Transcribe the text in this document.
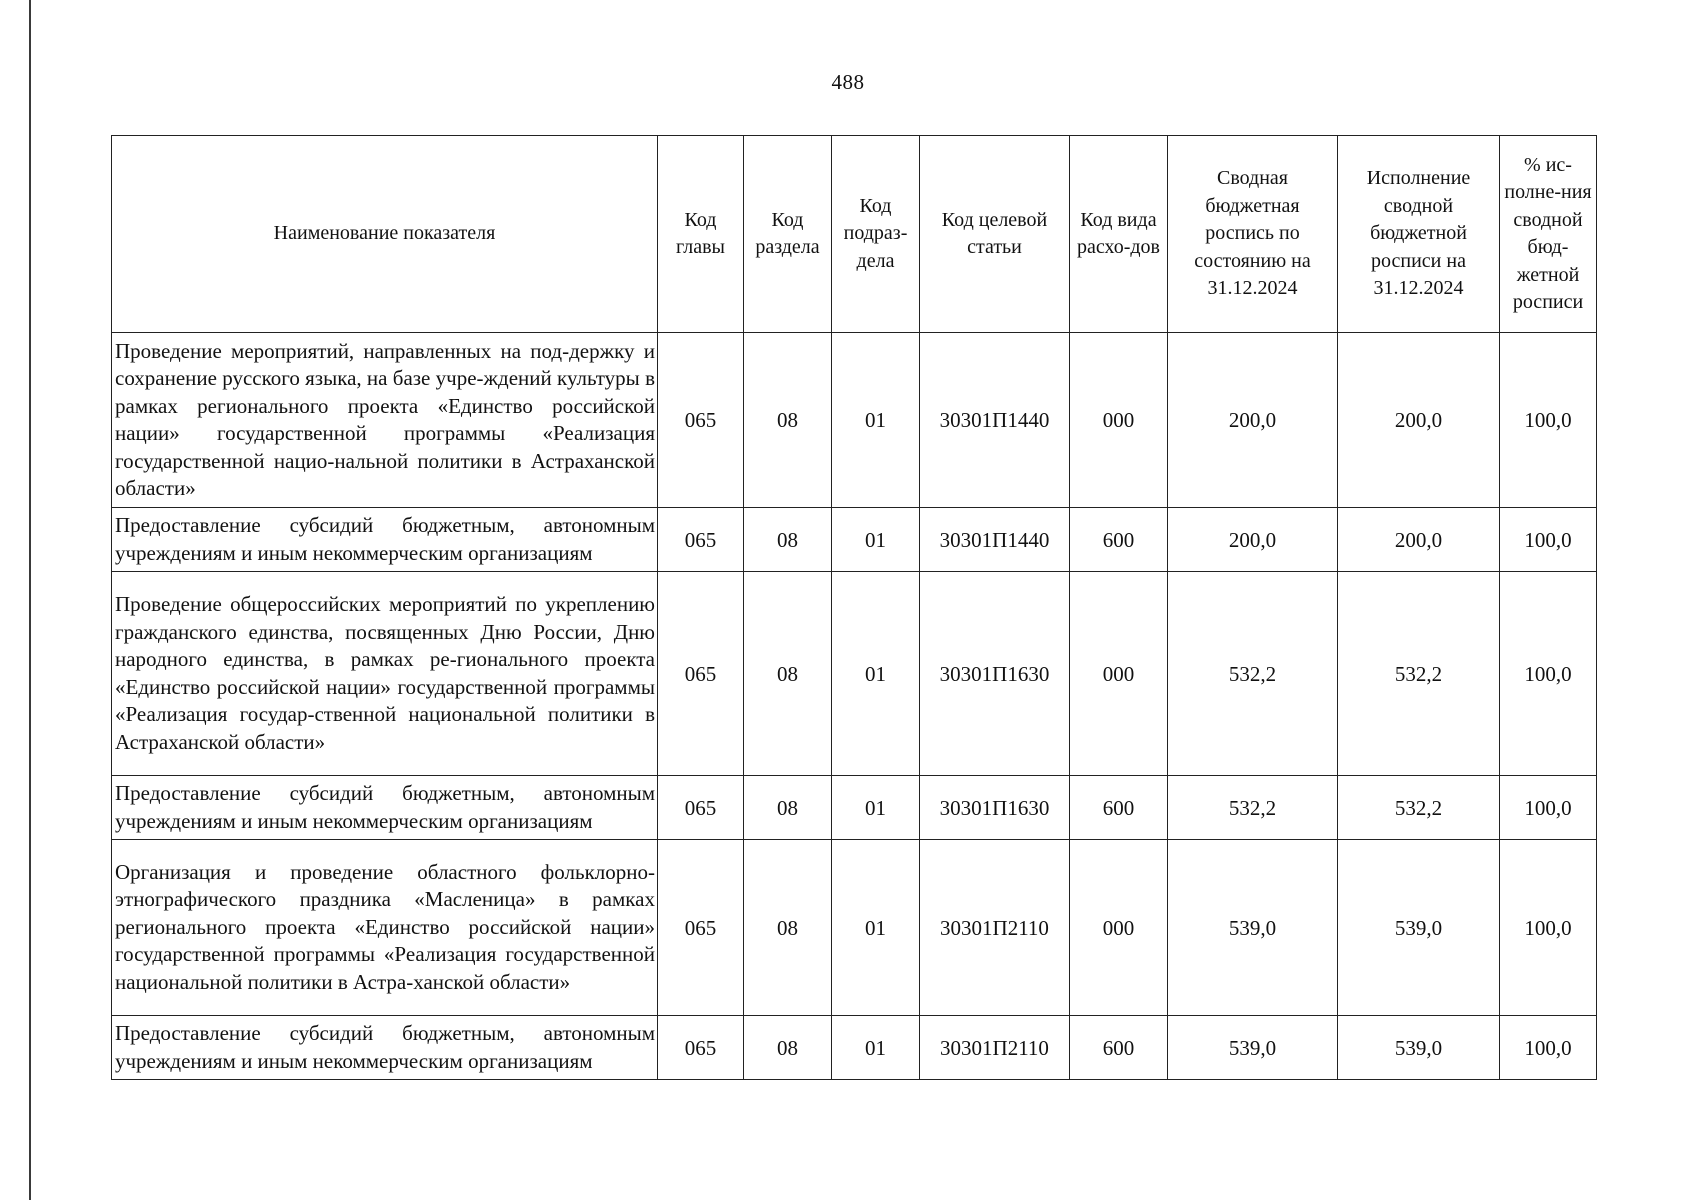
488
Наименование показателя	Код главы	Код раздела	Код подраз-дела	Код целевой статьи	Код вида расхо-дов	Сводная бюджетная роспись по состоянию на 31.12.2024	Исполнение сводной бюджетной росписи на 31.12.2024	% ис-полне-ния сводной бюд-жетной росписи
Проведение мероприятий, направленных на под-держку и сохранение русского языка, на базе учре-ждений культуры в рамках регионального проекта «Единство российской нации» государственной программы «Реализация государственной нацио-нальной политики в Астраханской области»	065	08	01	30301П1440	000	200,0	200,0	100,0
Предоставление субсидий бюджетным, автономным учреждениям и иным некоммерческим организациям	065	08	01	30301П1440	600	200,0	200,0	100,0
Проведение общероссийских мероприятий по укреплению гражданского единства, посвященных Дню России, Дню народного единства, в рамках ре-гионального проекта «Единство российской нации» государственной программы «Реализация государ-ственной национальной политики в Астраханской области»	065	08	01	30301П1630	000	532,2	532,2	100,0
Предоставление субсидий бюджетным, автономным учреждениям и иным некоммерческим организациям	065	08	01	30301П1630	600	532,2	532,2	100,0
Организация и проведение областного фольклорно-этнографического праздника «Масленица» в рамках регионального проекта «Единство российской нации» государственной программы «Реализация государственной национальной политики в Астра-ханской области»	065	08	01	30301П2110	000	539,0	539,0	100,0
Предоставление субсидий бюджетным, автономным учреждениям и иным некоммерческим организациям	065	08	01	30301П2110	600	539,0	539,0	100,0
